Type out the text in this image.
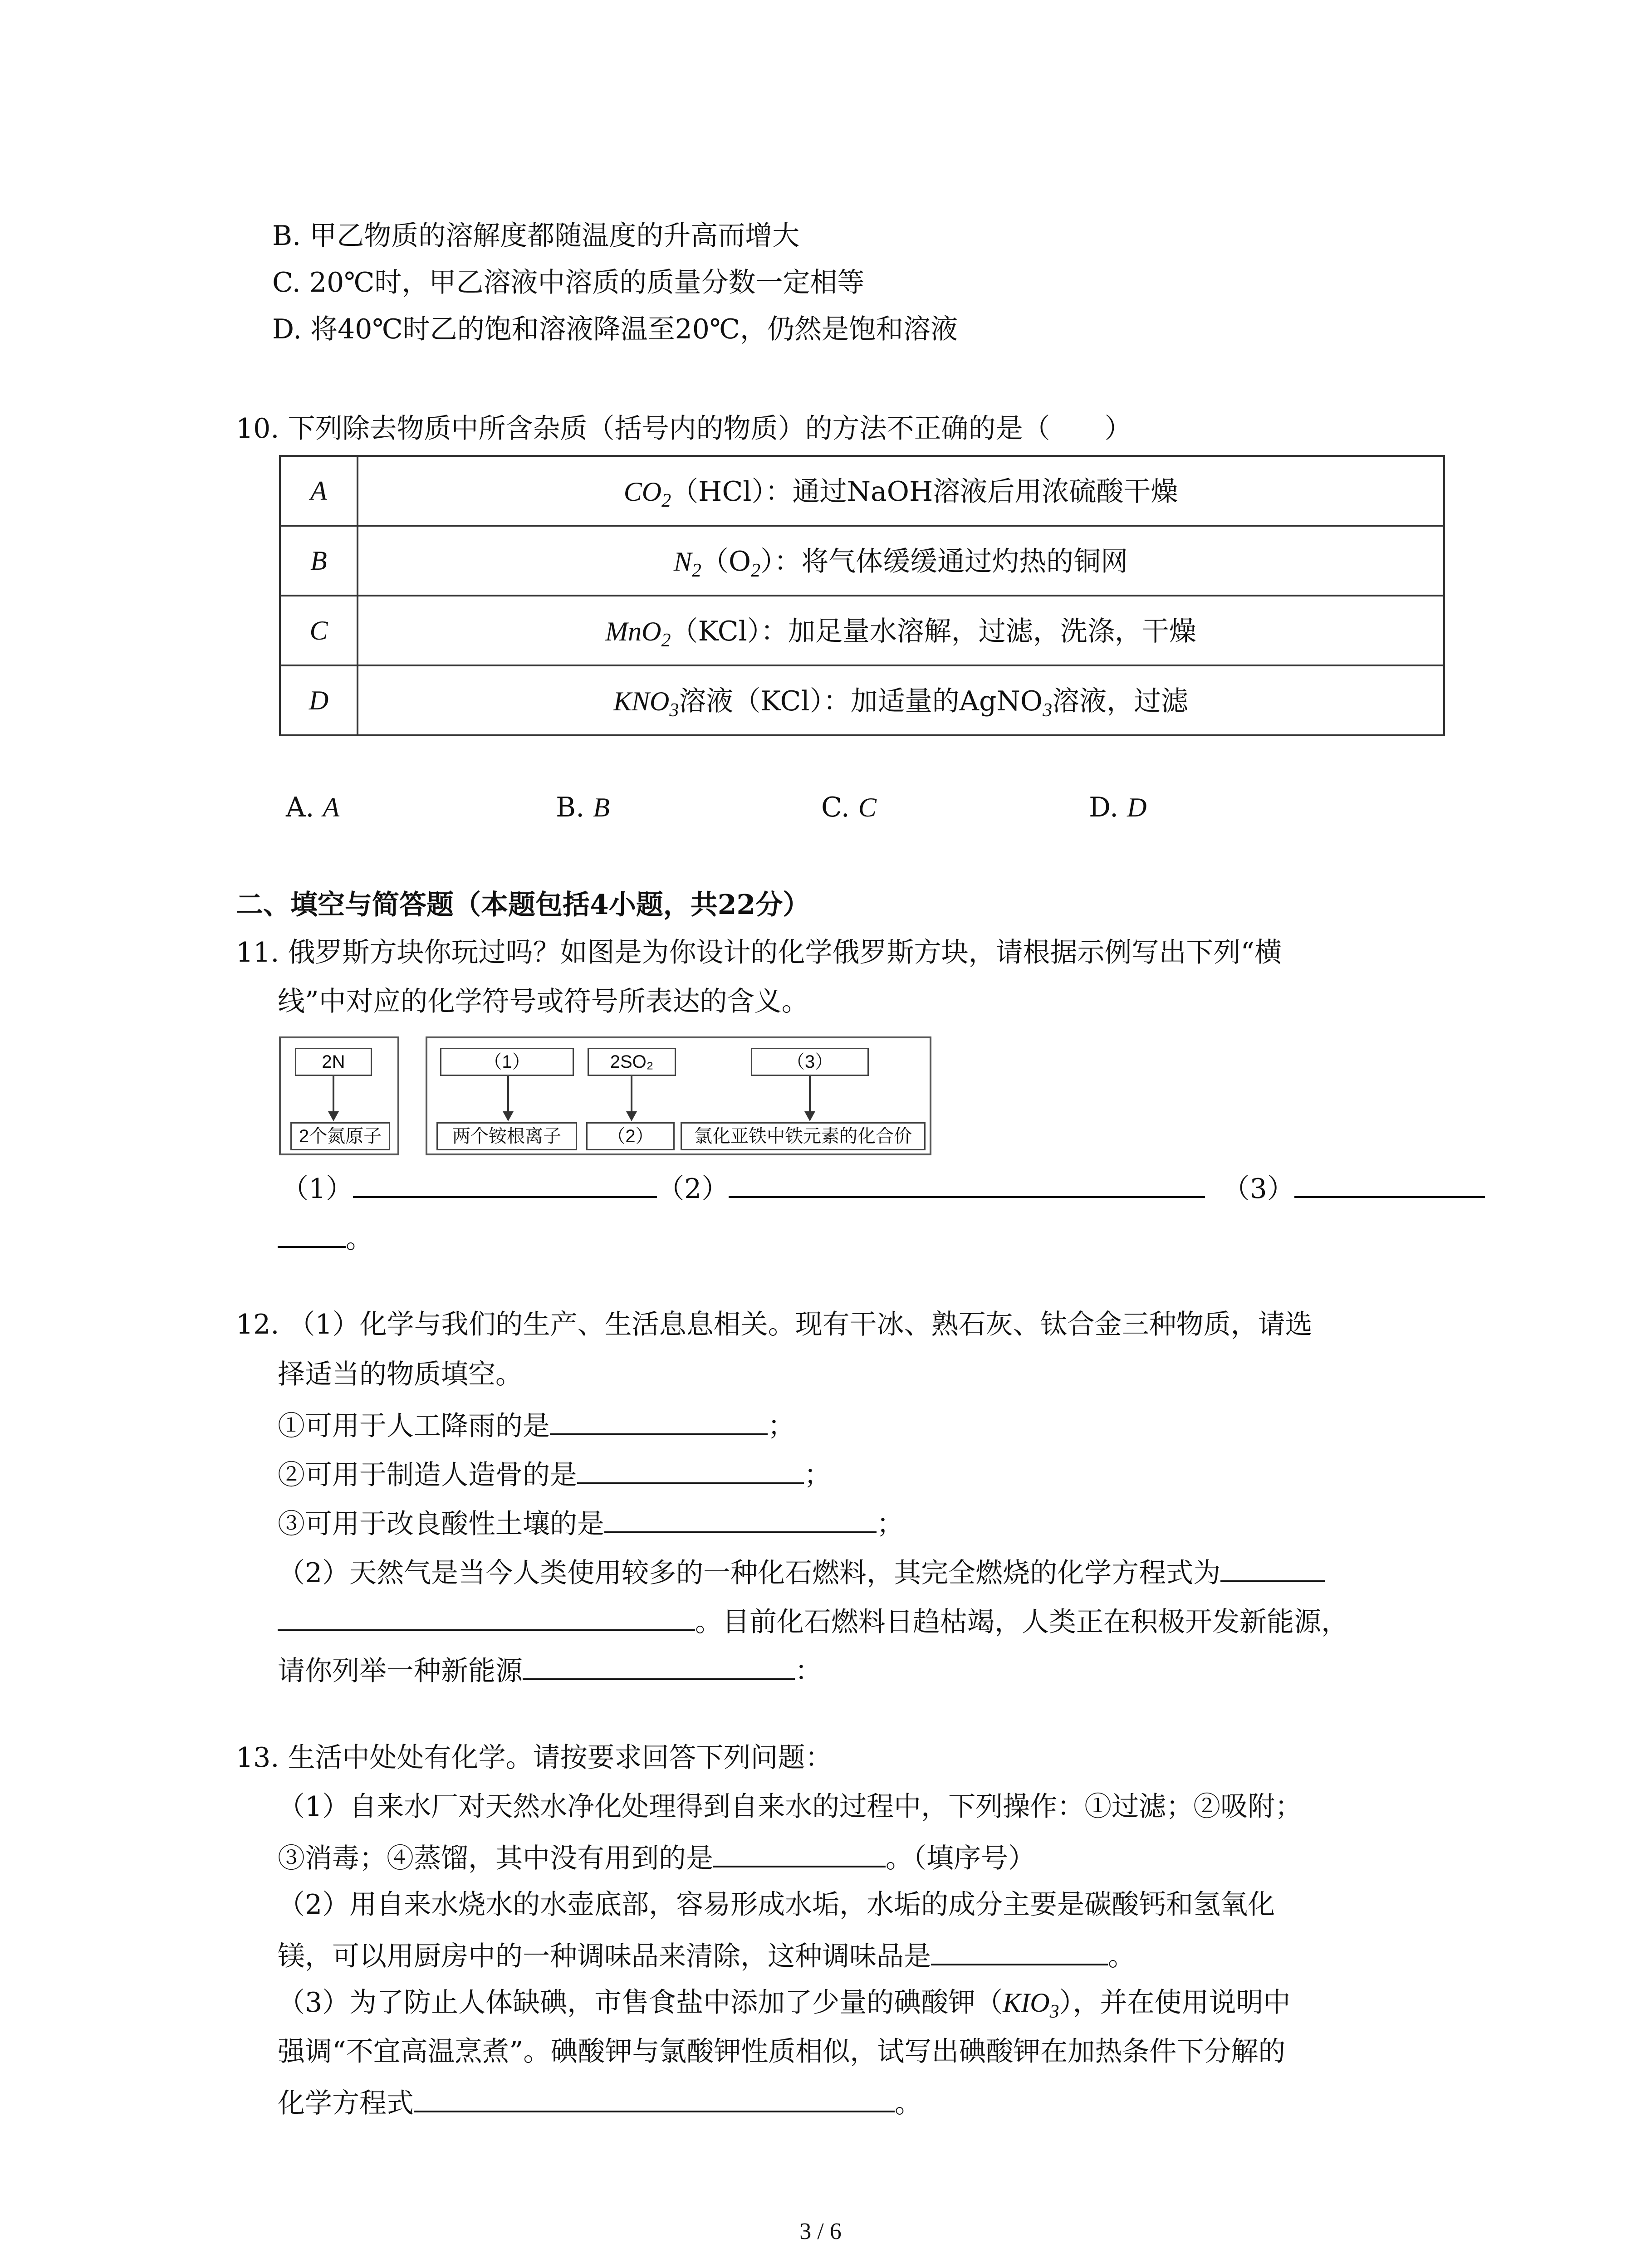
B. 甲乙物质的溶解度都随温度的升高而增大
C. 20℃时，甲乙溶液中溶质的质量分数一定相等
D. 将40℃时乙的饱和溶液降温至20℃，仍然是饱和溶液
10. 下列除去物质中所含杂质（括号内的物质）的方法不正确的是（　　）
A	$CO_2(HCl)$：通过NaOH溶液后用浓硫酸干燥
B	$N_2(O_2)$：将气体缓缓通过灼热的铜网
C	MnO$_2$（KCl）：加足量水溶解，过滤，洗涤，干燥
D	$KNO_3$溶液（KCl）：加适量的AgNO$_3$溶液，过滤
A. A	B. B	C. C	D. D
二、填空与简答题（本题包括4小题，共22分）
11. 俄罗斯方块你玩过吗？如图是为你设计的化学俄罗斯方块，请根据示例写出下列“横
线”中对应的化学符号或符号所表达的含义。
2N
2个氮原子
（1）
两个铵根离子
2SO₂
（2）
（3）
氯化亚铁中铁元素的化合价
（1）	（2）	（3）
。
12. （1）化学与我们的生产、生活息息相关。现有干冰、熟石灰、钛合金三种物质，请选
择适当的物质填空。
①可用于人工降雨的是	；
②可用于制造人造骨的是	；
③可用于改良酸性土壤的是	；
（2）天然气是当今人类使用较多的一种化石燃料，其完全燃烧的化学方程式为
。目前化石燃料日趋枯竭，人类正在积极开发新能源，
请你列举一种新能源	：
13. 生活中处处有化学。请按要求回答下列问题：
（1）自来水厂对天然水净化处理得到自来水的过程中，下列操作：①过滤；②吸附；
③消毒；④蒸馏，其中没有用到的是	。（填序号）
（2）用自来水烧水的水壶底部，容易形成水垢，水垢的成分主要是碳酸钙和氢氧化
镁，可以用厨房中的一种调味品来清除，这种调味品是	。
（3）为了防止人体缺碘，市售食盐中添加了少量的碘酸钾$(KIO_3)$，并在使用说明中
强调“不宜高温烹煮”。碘酸钾与氯酸钾性质相似，试写出碘酸钾在加热条件下分解的
化学方程式	。
3 / 6
